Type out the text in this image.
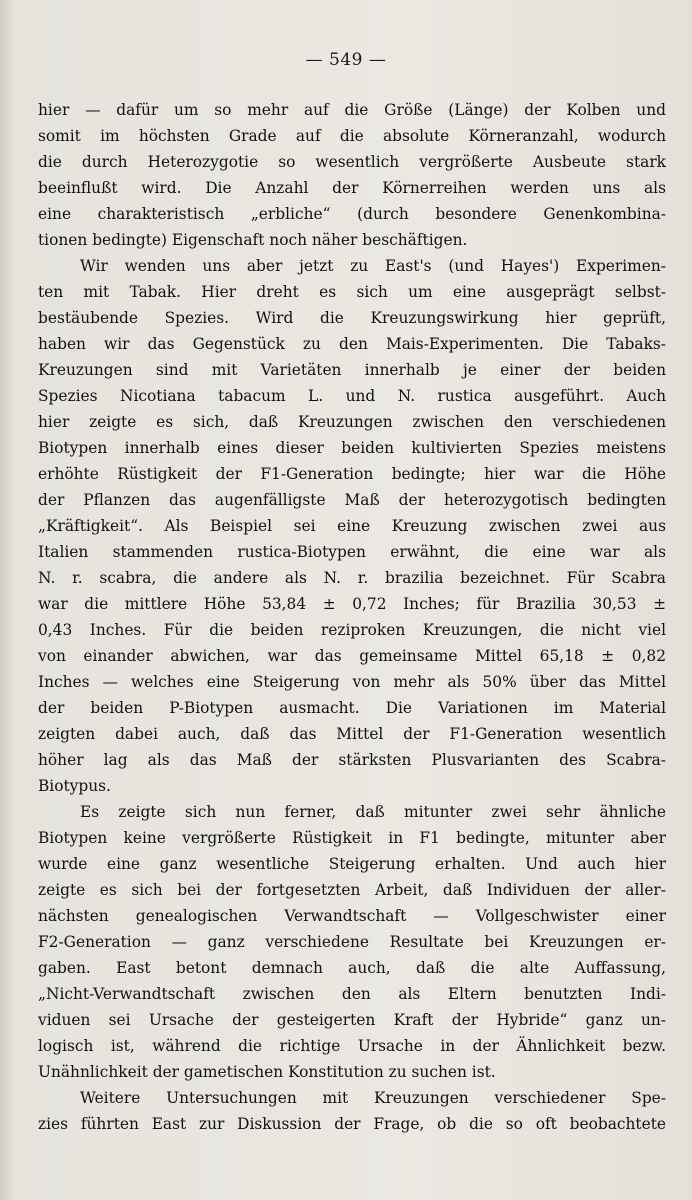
— 549 —
hier — dafür um so mehr auf die Größe (Länge) der Kolben und
somit im höchsten Grade auf die absolute Körneranzahl, wodurch
die durch Heterozygotie so wesentlich vergrößerte Ausbeute stark
beeinflußt wird. Die Anzahl der Körnerreihen werden uns als
eine charakteristisch „erbliche“ (durch besondere Genenkombina-
tionen bedingte) Eigenschaft noch näher beschäftigen.
Wir wenden uns aber jetzt zu East's (und Hayes') Experimen-
ten mit Tabak. Hier dreht es sich um eine ausgeprägt selbst-
bestäubende Spezies. Wird die Kreuzungswirkung hier geprüft,
haben wir das Gegenstück zu den Mais-Experimenten. Die Tabaks-
Kreuzungen sind mit Varietäten innerhalb je einer der beiden
Spezies Nicotiana tabacum L. und N. rustica ausgeführt. Auch
hier zeigte es sich, daß Kreuzungen zwischen den verschiedenen
Biotypen innerhalb eines dieser beiden kultivierten Spezies meistens
erhöhte Rüstigkeit der F1-Generation bedingte; hier war die Höhe
der Pflanzen das augenfälligste Maß der heterozygotisch bedingten
„Kräftigkeit“. Als Beispiel sei eine Kreuzung zwischen zwei aus
Italien stammenden rustica-Biotypen erwähnt, die eine war als
N. r. scabra, die andere als N. r. brazilia bezeichnet. Für Scabra
war die mittlere Höhe 53,84 ± 0,72 Inches; für Brazilia 30,53 ±
0,43 Inches. Für die beiden reziproken Kreuzungen, die nicht viel
von einander abwichen, war das gemeinsame Mittel 65,18 ± 0,82
Inches — welches eine Steigerung von mehr als 50% über das Mittel
der beiden P-Biotypen ausmacht. Die Variationen im Material
zeigten dabei auch, daß das Mittel der F1-Generation wesentlich
höher lag als das Maß der stärksten Plusvarianten des Scabra-
Biotypus.
Es zeigte sich nun ferner, daß mitunter zwei sehr ähnliche
Biotypen keine vergrößerte Rüstigkeit in F1 bedingte, mitunter aber
wurde eine ganz wesentliche Steigerung erhalten. Und auch hier
zeigte es sich bei der fortgesetzten Arbeit, daß Individuen der aller-
nächsten genealogischen Verwandtschaft — Vollgeschwister einer
F2-Generation — ganz verschiedene Resultate bei Kreuzungen er-
gaben. East betont demnach auch, daß die alte Auffassung,
„Nicht-Verwandtschaft zwischen den als Eltern benutzten Indi-
viduen sei Ursache der gesteigerten Kraft der Hybride“ ganz un-
logisch ist, während die richtige Ursache in der Ähnlichkeit bezw.
Unähnlichkeit der gametischen Konstitution zu suchen ist.
Weitere Untersuchungen mit Kreuzungen verschiedener Spe-
zies führten East zur Diskussion der Frage, ob die so oft beobachtete
